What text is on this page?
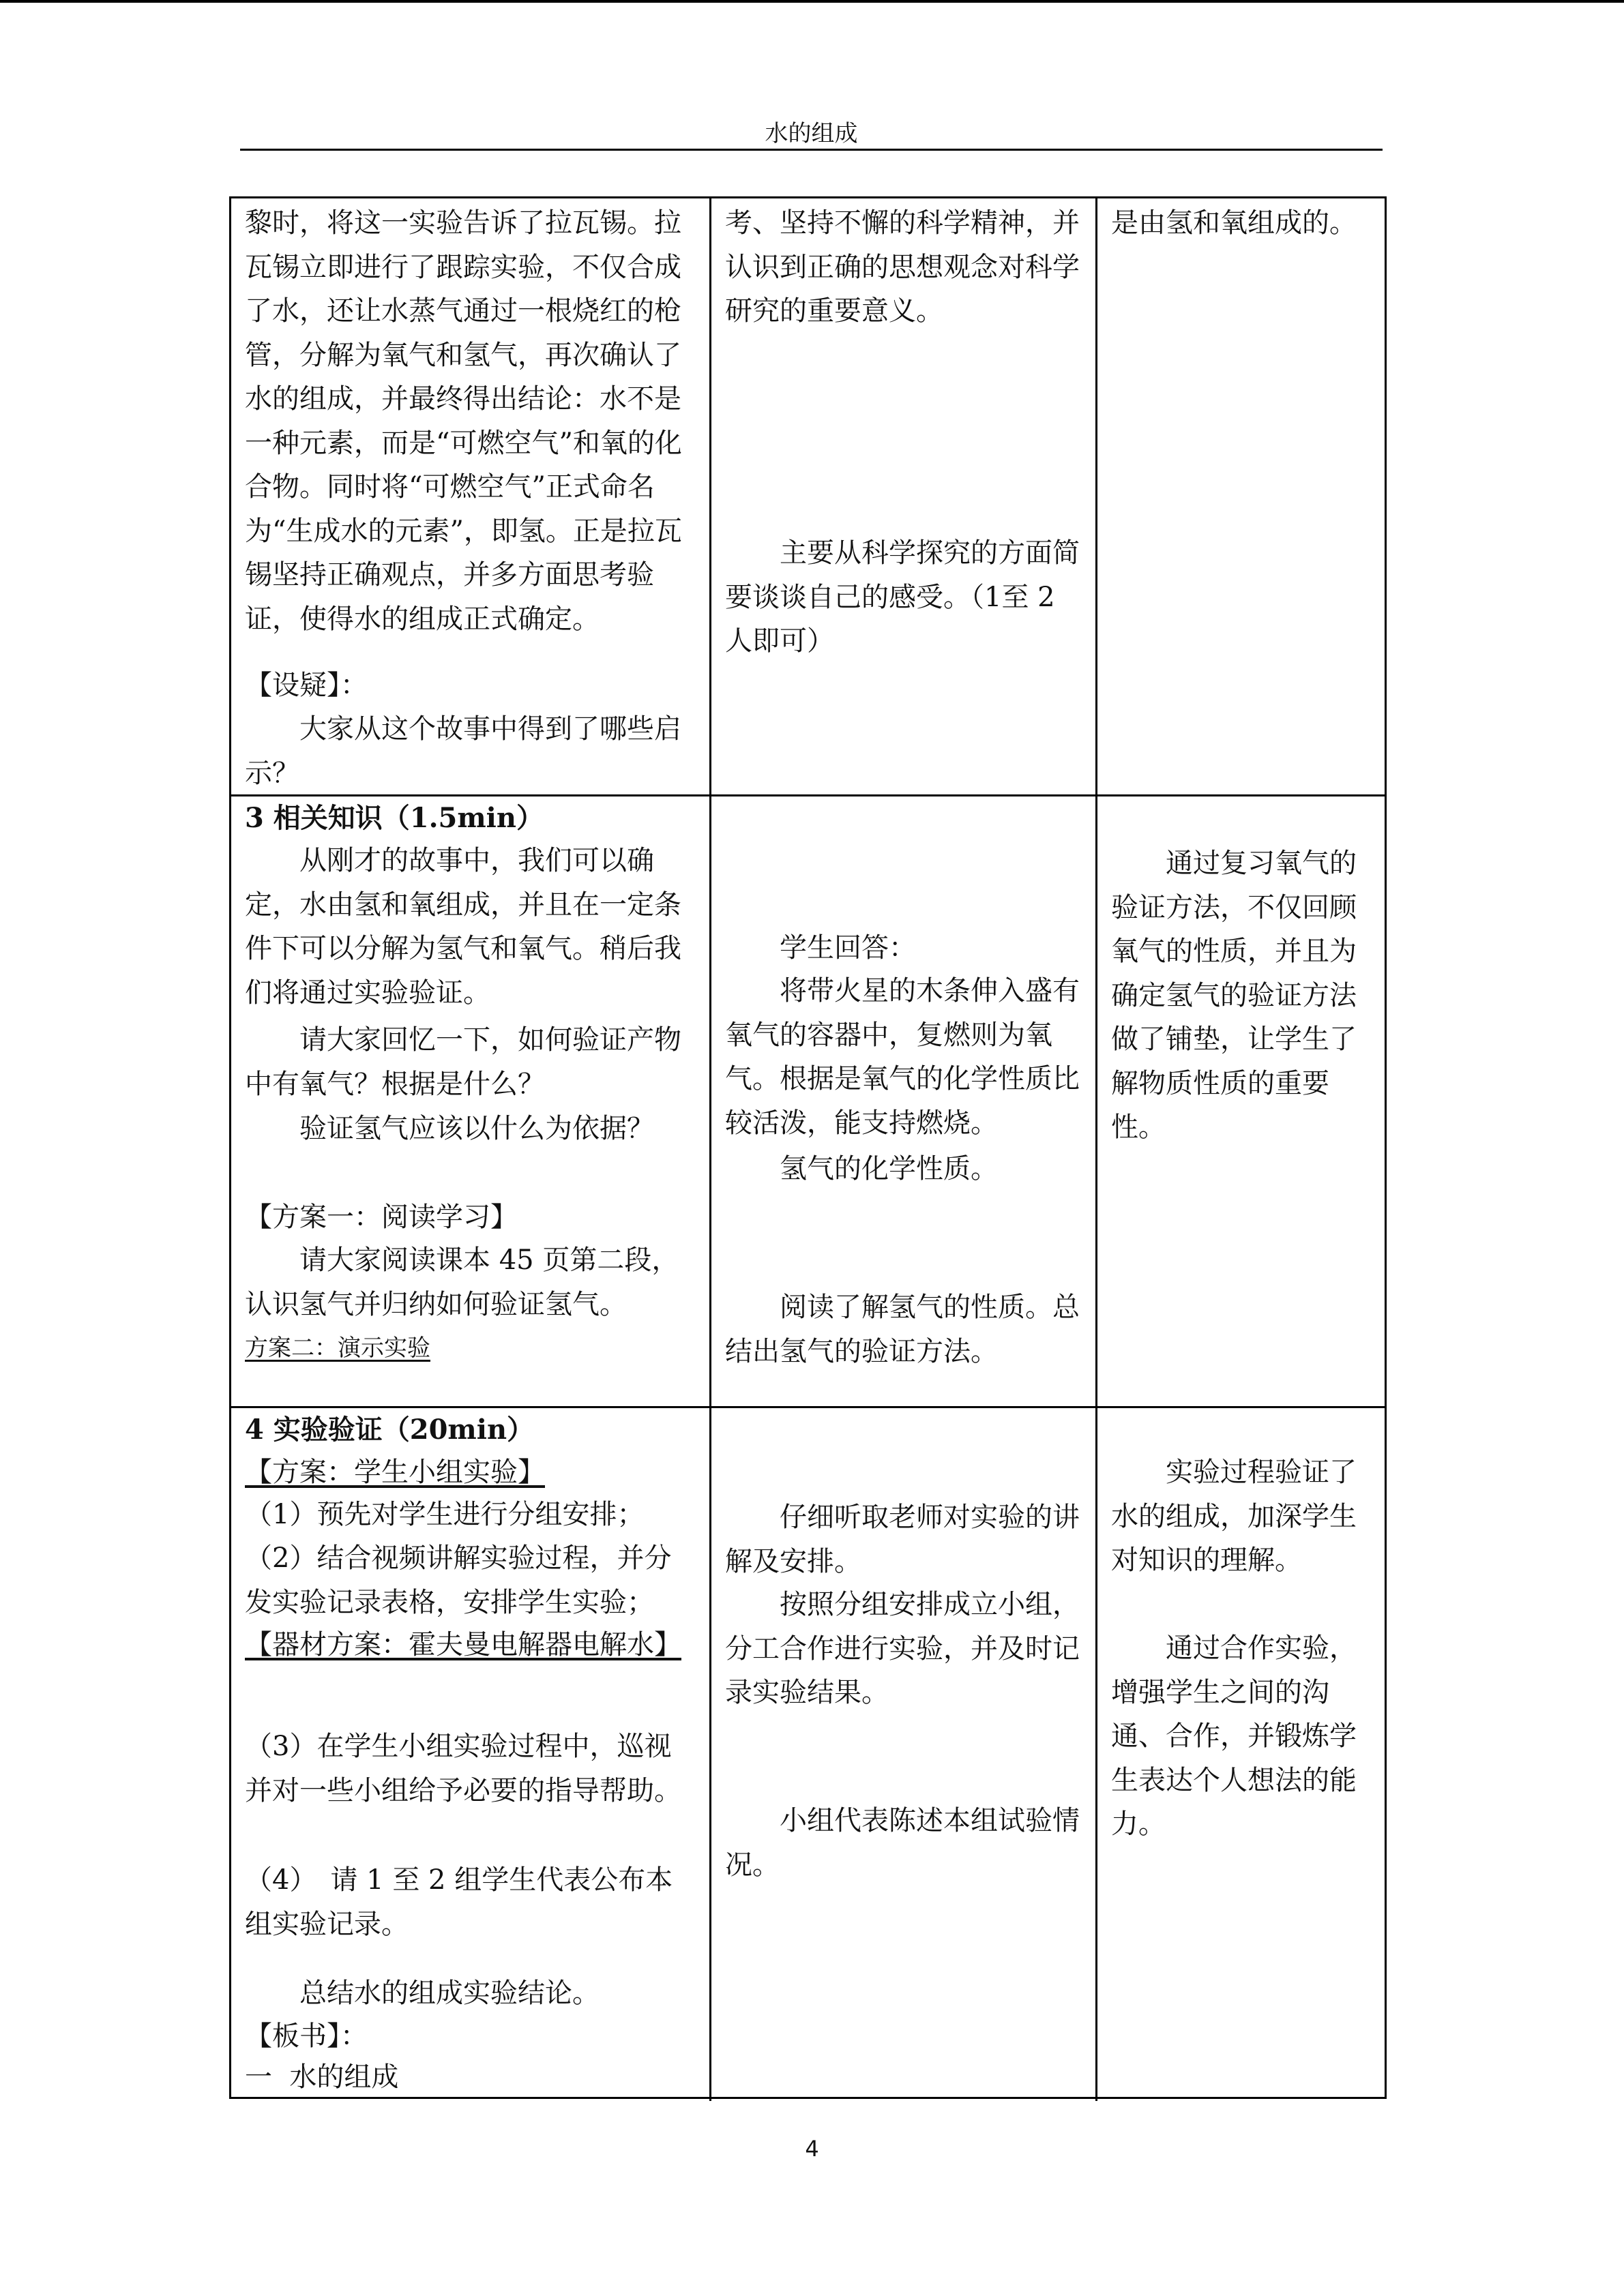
水的组成
黎时，将这一实验告诉了拉瓦锡。拉瓦锡立即进行了跟踪实验，不仅合成了水，还让水蒸气通过一根烧红的枪管，分解为氧气和氢气，再次确认了水的组成，并最终得出结论：水不是一种元素，而是“可燃空气”和氧的化合物。同时将“可燃空气”正式命名为“生成水的元素”，即氢。正是拉瓦锡坚持正确观点，并多方面思考验证，使得水的组成正式确定。
【设疑】：
　　大家从这个故事中得到了哪些启示？
考、坚持不懈的科学精神，并认识到正确的思想观念对科学研究的重要意义。
　　主要从科学探究的方面简要谈谈自己的感受。（1至 2 人即可）
是由氢和氧组成的。
3 相关知识（1.5min）
　　从刚才的故事中，我们可以确定，水由氢和氧组成，并且在一定条件下可以分解为氢气和氧气。稍后我们将通过实验验证。
　　请大家回忆一下，如何验证产物中有氧气？根据是什么？
　　验证氢气应该以什么为依据？
【方案一：阅读学习】
　　请大家阅读课本 45 页第二段，认识氢气并归纳如何验证氢气。
方案二：演示实验
　　学生回答：
　　将带火星的木条伸入盛有氧气的容器中，复燃则为氧气。根据是氧气的化学性质比较活泼，能支持燃烧。
　　氢气的化学性质。
　　阅读了解氢气的性质。总结出氢气的验证方法。
　　通过复习氧气的验证方法，不仅回顾氧气的性质，并且为确定氢气的验证方法做了铺垫，让学生了解物质性质的重要性。
4 实验验证（20min）
【方案：学生小组实验】
（1）预先对学生进行分组安排；
（2）结合视频讲解实验过程，并分发实验记录表格，安排学生实验；
【器材方案：霍夫曼电解器电解水】
（3）在学生小组实验过程中，巡视并对一些小组给予必要的指导帮助。
（4）　请 1 至 2 组学生代表公布本组实验记录。
　　总结水的组成实验结论。
【板书】：
一  水的组成
　　仔细听取老师对实验的讲解及安排。
　　按照分组安排成立小组，分工合作进行实验，并及时记录实验结果。
　　小组代表陈述本组试验情况。
　　实验过程验证了水的组成，加深学生对知识的理解。
　　通过合作实验，增强学生之间的沟通、合作，并锻炼学生表达个人想法的能力。
4
